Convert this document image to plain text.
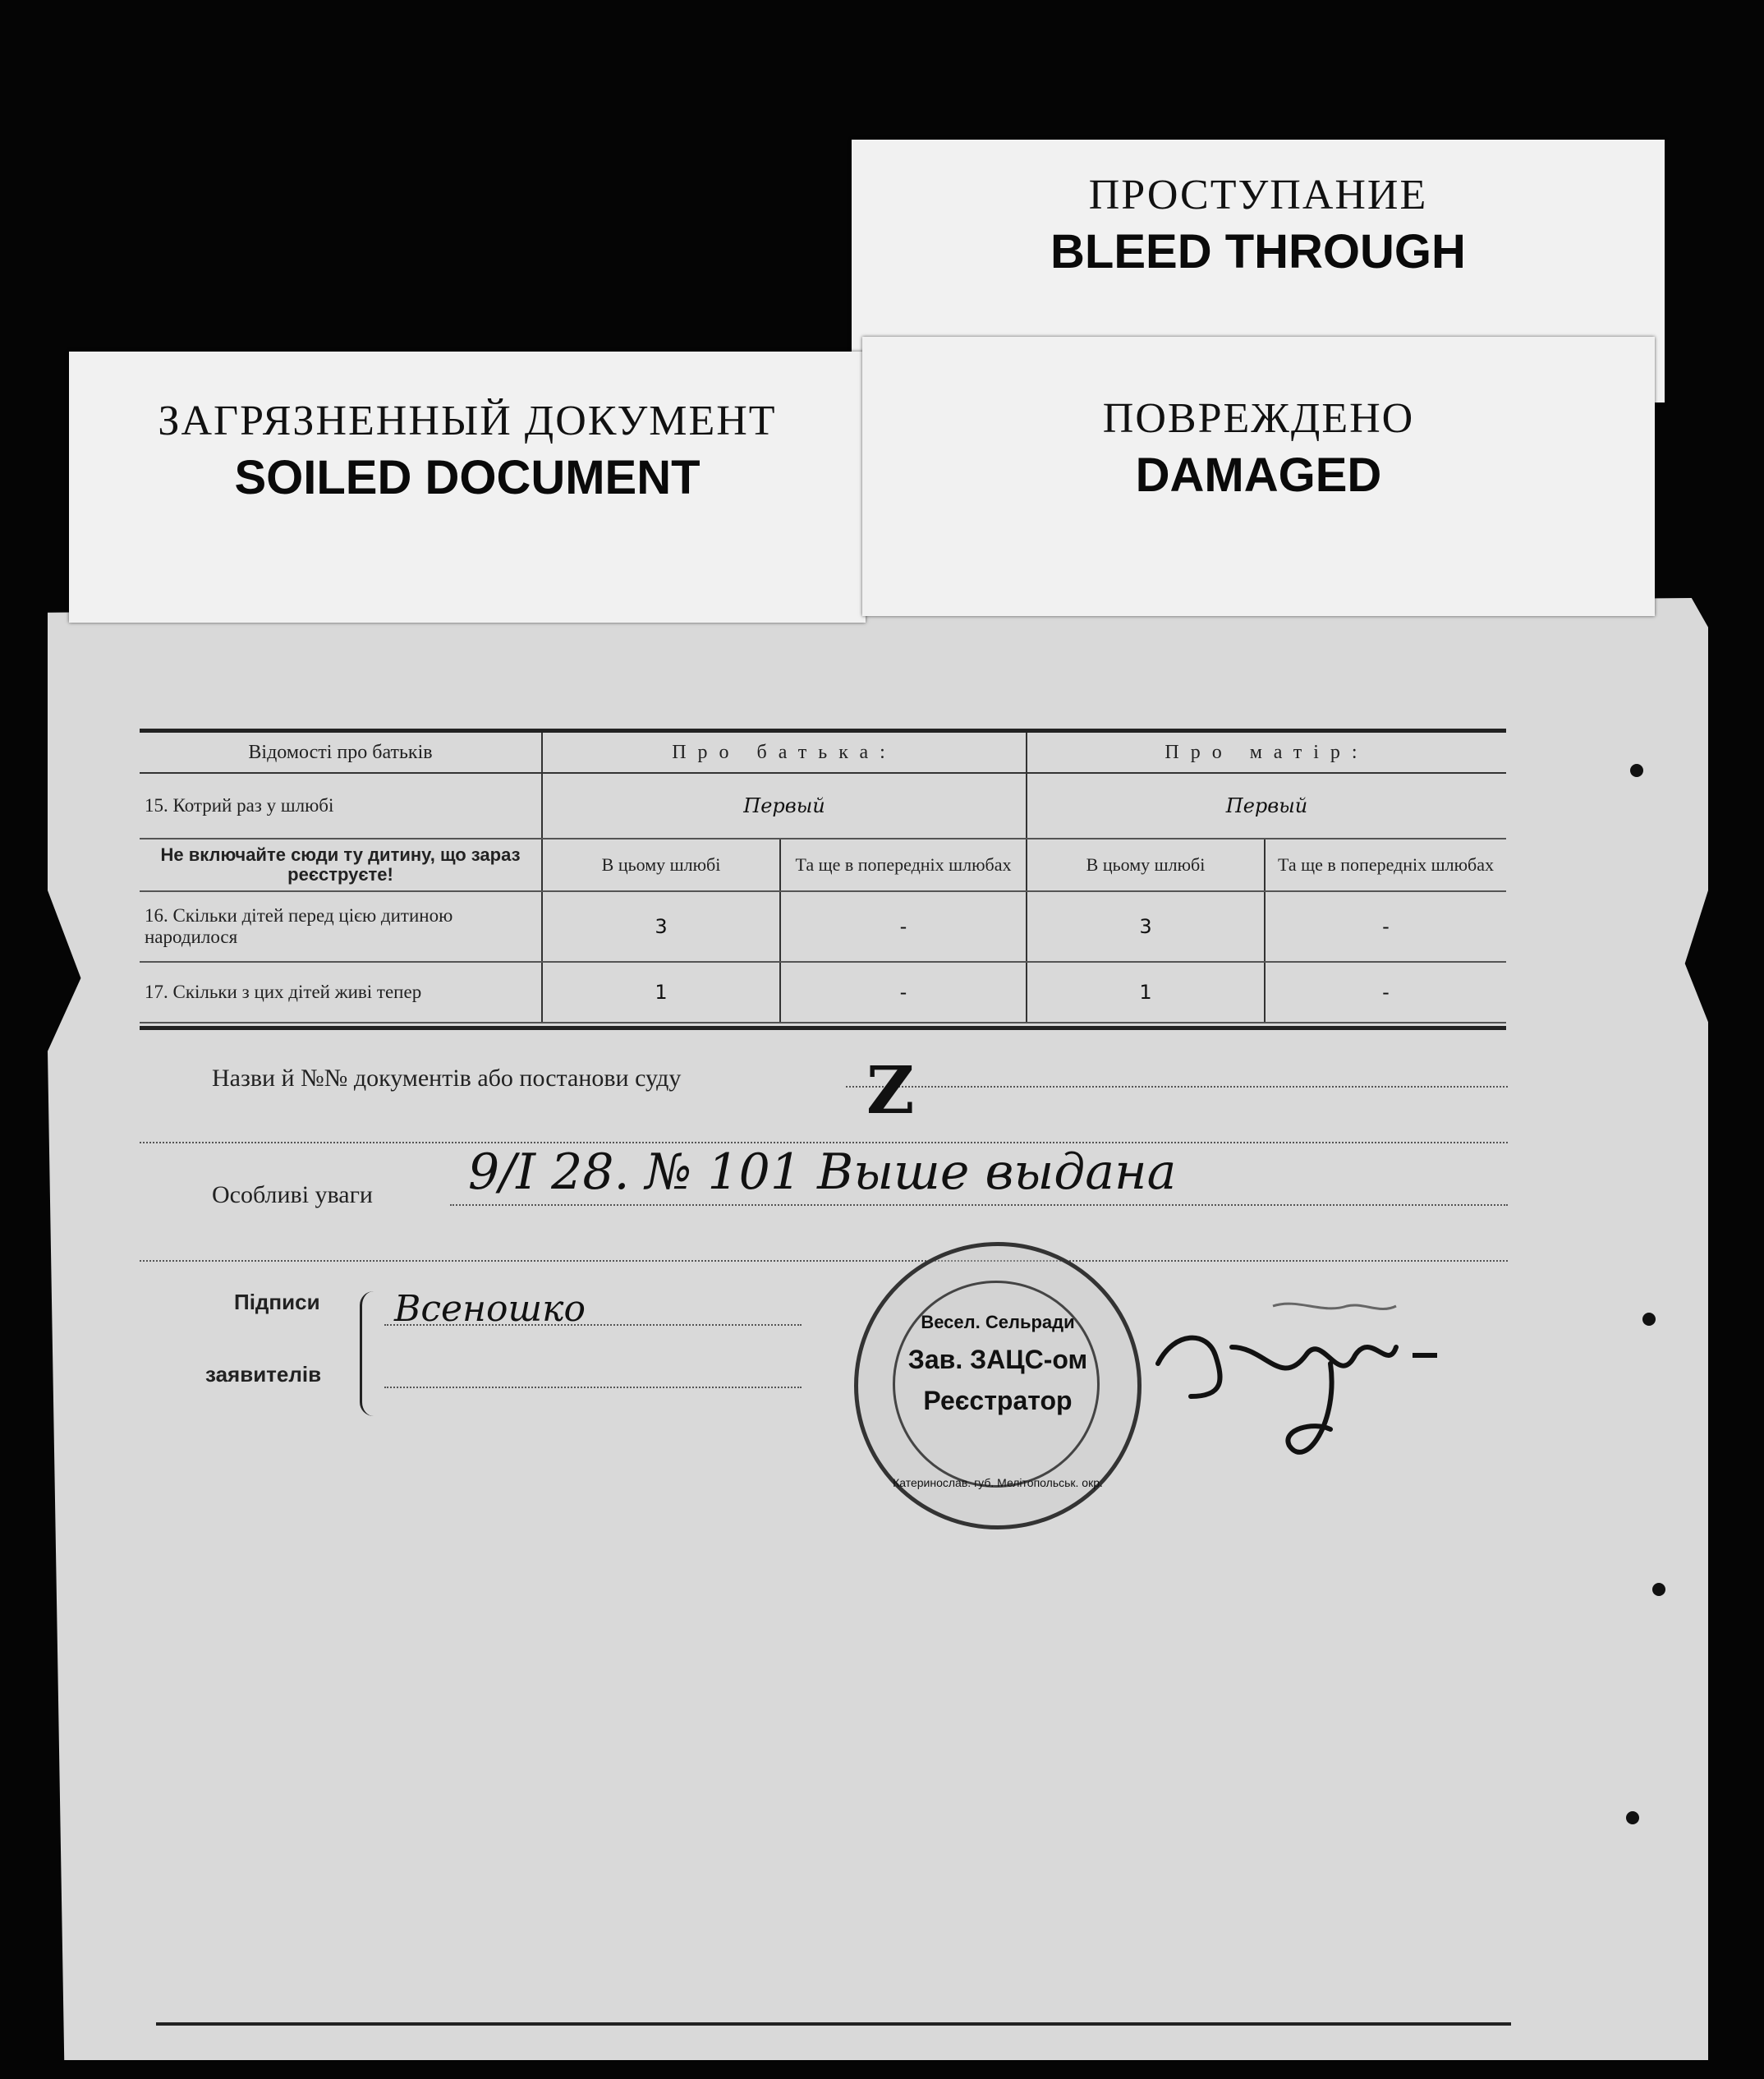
ПРОСТУПАНИЕ
BLEED THROUGH
ЗАГРЯЗНЕННЫЙ ДОКУМЕНТ
SOILED DOCUMENT
ПОВРЕЖДЕНО
DAMAGED
Відомості про батьків	Про батька:		Про матір:	
15. Котрий раз у шлюбі	Первый		Первый	
Не включайте сюди ту дитину, що зараз реєструєте!	В цьому шлюбі	Та ще в попередніх шлюбах	В цьому шлюбі	Та ще в попередніх шлюбах
16. Скільки дітей перед цією дитиною народилося	3	-	3	-
17. Скільки з цих дітей живі тепер	1	-	1	-
Назви й №№ документів або постанови суду	Z
Особливі уваги 9/I 28. № 101 Выше выдана
Підписи
заявителів
Всеношко	Весел. Сельради
Зав. ЗАЦС-ом
Реєстратор
Катеринослав. губ. Мелітопольськ. окр.
